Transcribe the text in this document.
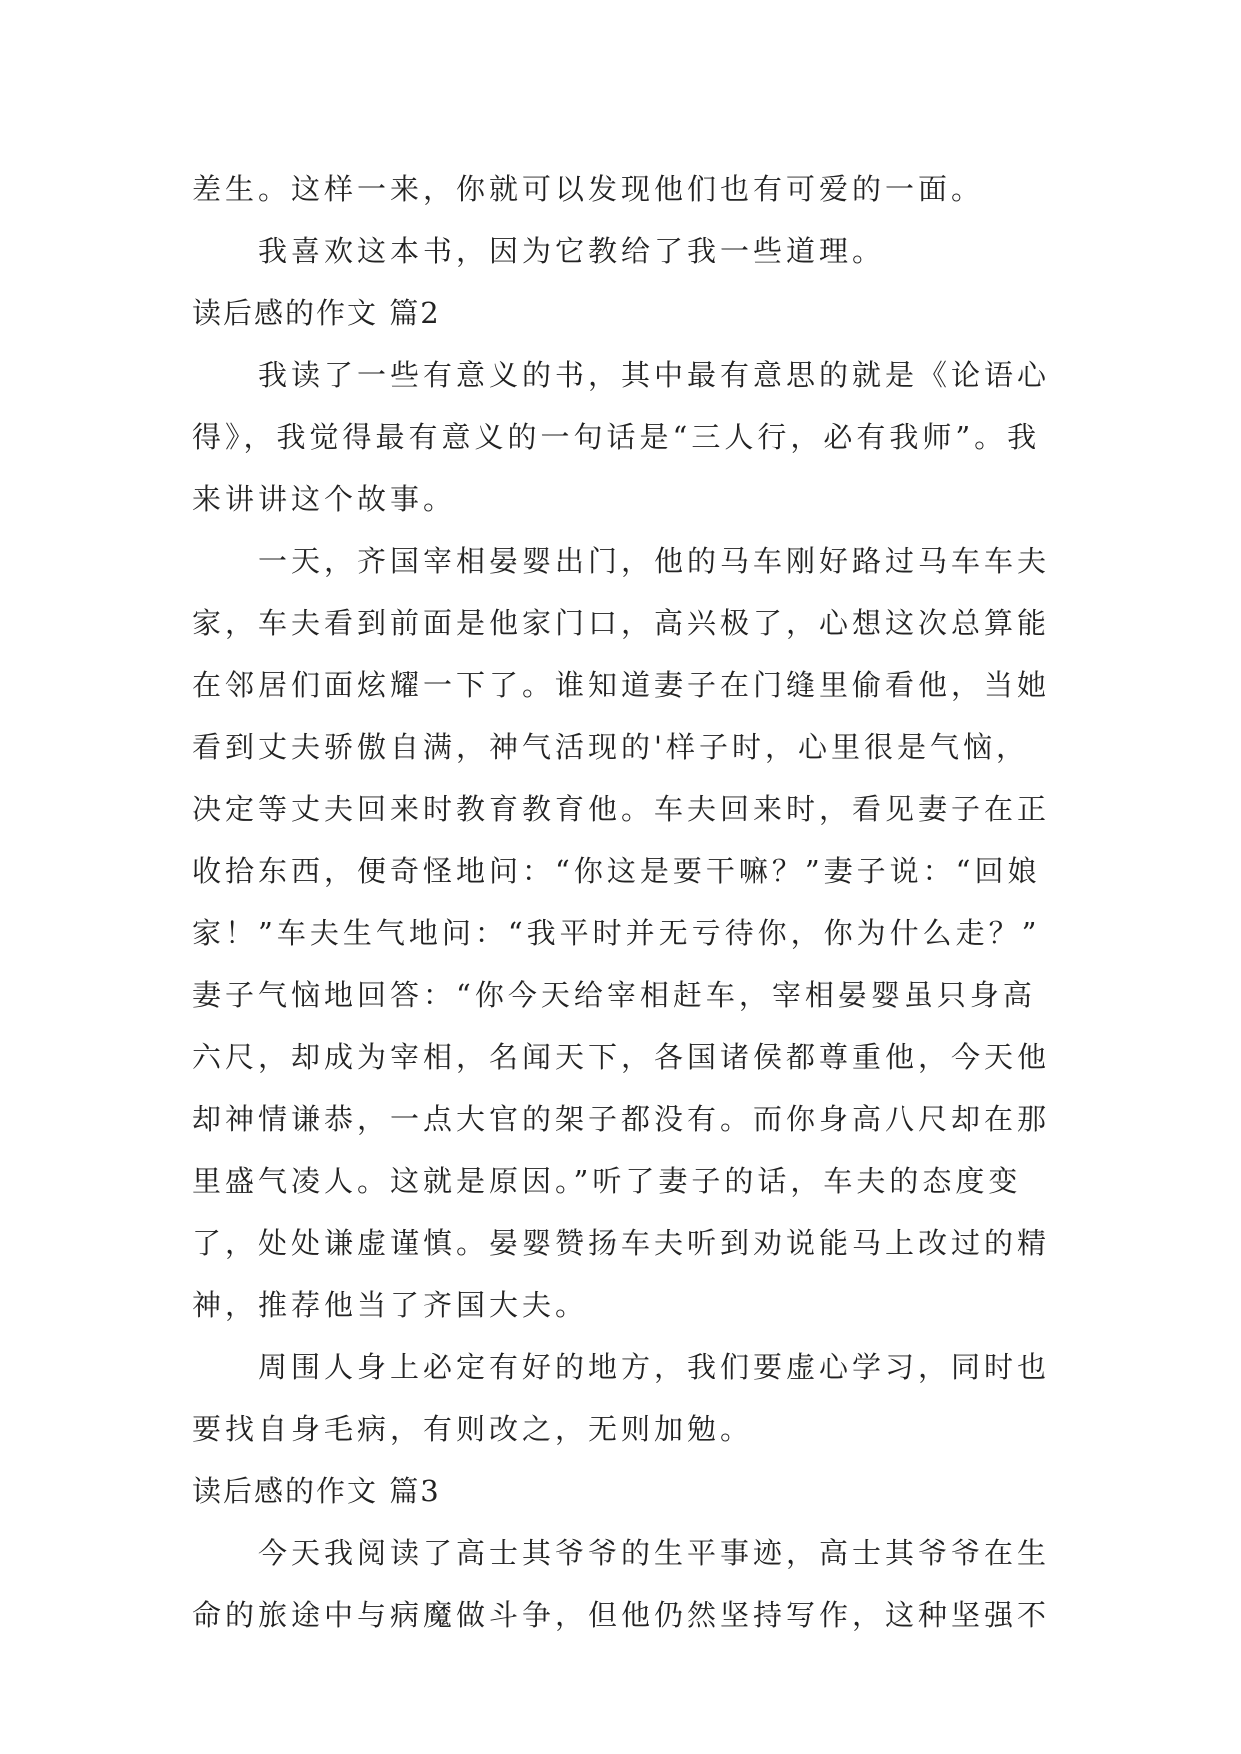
差生。这样一来，你就可以发现他们也有可爱的一面。
我喜欢这本书，因为它教给了我一些道理。
读后感的作文 篇2
我读了一些有意义的书，其中最有意思的就是《论语心
得》，我觉得最有意义的一句话是“三人行，必有我师”。我
来讲讲这个故事。
一天，齐国宰相晏婴出门，他的马车刚好路过马车车夫
家，车夫看到前面是他家门口，高兴极了，心想这次总算能
在邻居们面炫耀一下了。谁知道妻子在门缝里偷看他，当她
看到丈夫骄傲自满，神气活现的'样子时，心里很是气恼，
决定等丈夫回来时教育教育他。车夫回来时，看见妻子在正
收拾东西，便奇怪地问：“你这是要干嘛？”妻子说：“回娘
家！”车夫生气地问：“我平时并无亏待你，你为什么走？”
妻子气恼地回答：“你今天给宰相赶车，宰相晏婴虽只身高
六尺，却成为宰相，名闻天下，各国诸侯都尊重他，今天他
却神情谦恭，一点大官的架子都没有。而你身高八尺却在那
里盛气凌人。这就是原因。”听了妻子的话，车夫的态度变
了，处处谦虚谨慎。晏婴赞扬车夫听到劝说能马上改过的精
神，推荐他当了齐国大夫。
周围人身上必定有好的地方，我们要虚心学习，同时也
要找自身毛病，有则改之，无则加勉。
读后感的作文 篇3
今天我阅读了高士其爷爷的生平事迹，高士其爷爷在生
命的旅途中与病魔做斗争，但他仍然坚持写作，这种坚强不
